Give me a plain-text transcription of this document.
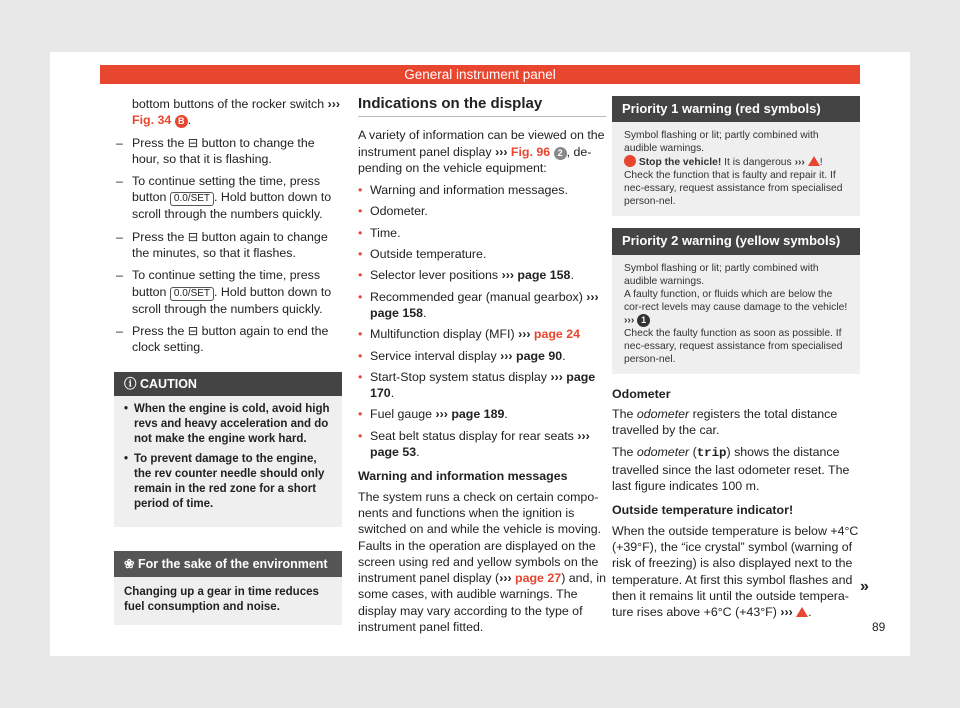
General instrument panel

bottom buttons of the rocker switch ››› Fig. 34 B .

– Press the ⊟ button to change the hour, so that it is flashing.
– To continue setting the time, press button 0.0/SET . Hold button down to scroll through the numbers quickly.
– Press the ⊟ button again to change the minutes, so that it flashes.
– To continue setting the time, press button 0.0/SET . Hold button down to scroll through the numbers quickly.
– Press the ⊟ button again to end the clock setting.
ⓘ CAUTION
• When the engine is cold, avoid high revs and heavy acceleration and do not make the engine work hard.
• To prevent damage to the engine, the rev counter needle should only remain in the red zone for a short period of time.
❀ For the sake of the environment
Changing up a gear in time reduces fuel consumption and noise.
Indications on the display

A variety of information can be viewed on the instrument panel display ››› Fig. 96 2 , de-pending on the vehicle equipment:

• Warning and information messages.
• Odometer.
• Time.
• Outside temperature.
• Selector lever positions ››› page 158.
• Recommended gear (manual gearbox) ››› page 158.
• Multifunction display (MFI) ››› page 24
• Service interval display ››› page 90.
• Start-Stop system status display ››› page 170.
• Fuel gauge ››› page 189.
• Seat belt status display for rear seats ››› page 53.
Warning and information messages

The system runs a check on certain compo-nents and functions when the ignition is switched on and while the vehicle is moving. Faults in the operation are displayed on the screen using red and yellow symbols on the instrument panel display (››› page 27) and, in some cases, with audible warnings. The display may vary according to the type of instrument panel fitted.

Priority 1 warning (red symbols)
Symbol flashing or lit; partly combined with audible warnings.
Stop the vehicle! It is dangerous ››› !
Check the function that is faulty and repair it. If nec-essary, request assistance from specialised person-nel.
Priority 2 warning (yellow symbols)
Symbol flashing or lit; partly combined with audible warnings.
A faulty function, or fluids which are below the cor-rect levels may cause damage to the vehicle! ››› 1
Check the faulty function as soon as possible. If nec-essary, request assistance from specialised person-nel.
Odometer

The odometer registers the total distance travelled by the car.

The odometer (trip) shows the distance travelled since the last odometer reset. The last figure indicates 100 m.

Outside temperature indicator!

When the outside temperature is below +4°C (+39°F), the “ice crystal” symbol (warning of risk of freezing) is also displayed next to the temperature. At first this symbol flashes and then it remains lit until the outside tempera-ture rises above +6°C (+43°F) ››› .

»
89
